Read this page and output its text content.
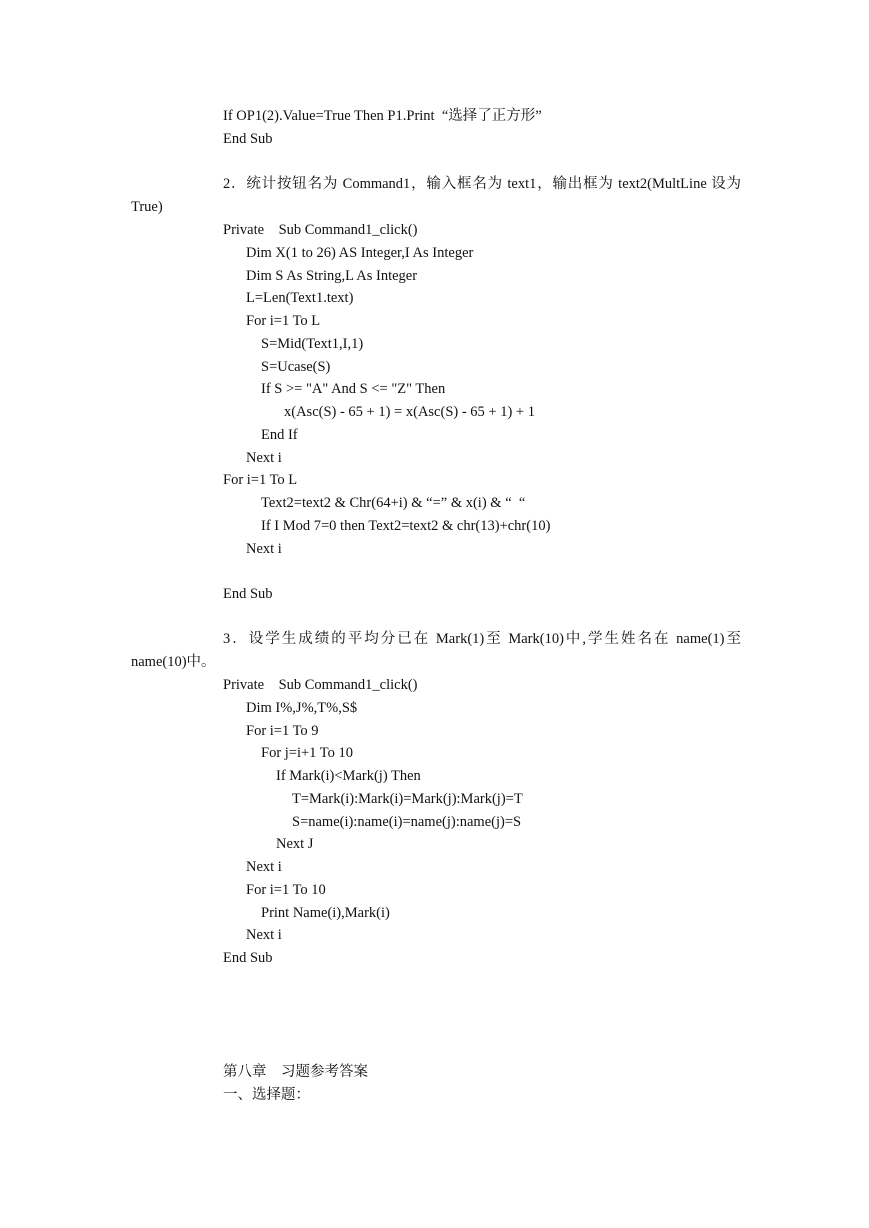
If OP1(2).Value=True Then P1.Print  “选择了正方形”
End Sub
2．统计按钮名为 Command1，输入框名为 text1，输出框为 text2(MultLine 设为 True)
Private    Sub Command1_click()
Dim X(1 to 26) AS Integer,I As Integer
Dim S As String,L As Integer
L=Len(Text1.text)
For i=1 To L
S=Mid(Text1,I,1)
S=Ucase(S)
If S >= "A" And S <= "Z" Then
x(Asc(S) - 65 + 1) = x(Asc(S) - 65 + 1) + 1
End If
Next i
For i=1 To L
Text2=text2 & Chr(64+i) & “=” & x(i) & “  “
If I Mod 7=0 then Text2=text2 & chr(13)+chr(10)
Next i
End Sub
3．设学生成绩的平均分已在 Mark(1)至 Mark(10)中,学生姓名在 name(1)至 name(10)中。
Private    Sub Command1_click()
Dim I%,J%,T%,S$
For i=1 To 9
For j=i+1 To 10
If Mark(i)<Mark(j) Then
T=Mark(i):Mark(i)=Mark(j):Mark(j)=T
S=name(i):name(i)=name(j):name(j)=S
Next J
Next i
For i=1 To 10
Print Name(i),Mark(i)
Next i
End Sub
第八章    习题参考答案
一、选择题：
